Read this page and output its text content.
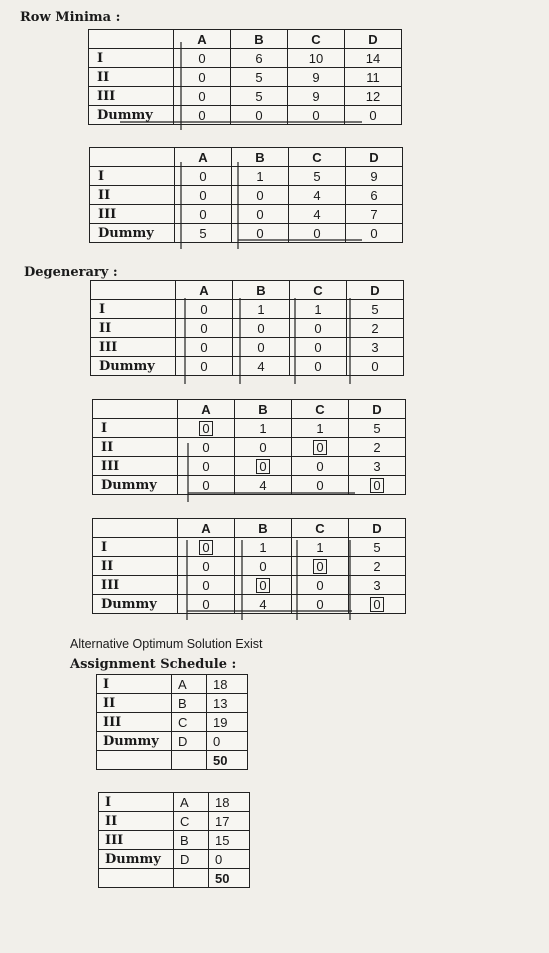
Row Minima :
Degenerary :
Alternative Optimum Solution Exist
Assignment Schedule :
	A	B	C	D
I	0	6	10	14
II	0	5	9	11
III	0	5	9	12
Dummy	0	0	0	0
	A	B	C	D
I	0	1	5	9
II	0	0	4	6
III	0	0	4	7
Dummy	5	0	0	0
	A	B	C	D
I	0	1	1	5
II	0	0	0	2
III	0	0	0	3
Dummy	0	4	0	0
	A	B	C	D
I	0	1	1	5
II	0	0	0	2
III	0	0	0	3
Dummy	0	4	0	0
	A	B	C	D
I	0	1	1	5
II	0	0	0	2
III	0	0	0	3
Dummy	0	4	0	0
I	A	18
II	B	13
III	C	19
Dummy	D	0
		50
I	A	18
II	C	17
III	B	15
Dummy	D	0
		50
